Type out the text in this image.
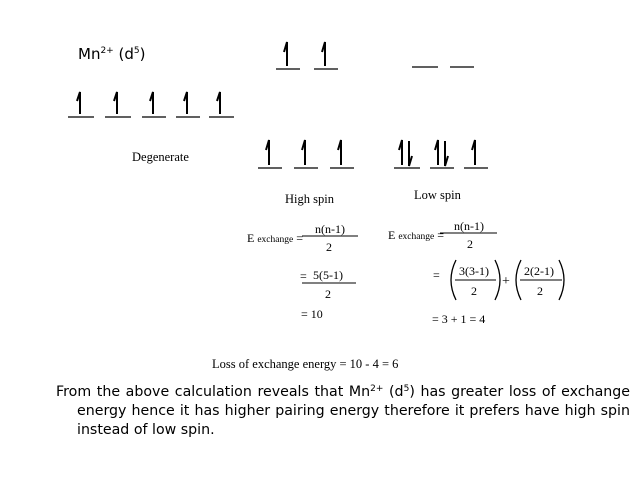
$Mn^{2+}$ $(d^5)$
Degenerate
High spin	Low spin
E exchange =
n(n-1)
2
= 5(5-1)
2
= 10
E exchange =
n(n-1)
2
= 3(3-1)
2
+
2(2-1)
2
= 3 + 1 = 4
Loss of exchange energy = 10 - 4 = 6
From the above calculation reveals that $Mn^{2+}$ $(d^5)$ has greater loss of exchange energy hence it has higher pairing energy therefore it prefers have high spin instead of low spin.
